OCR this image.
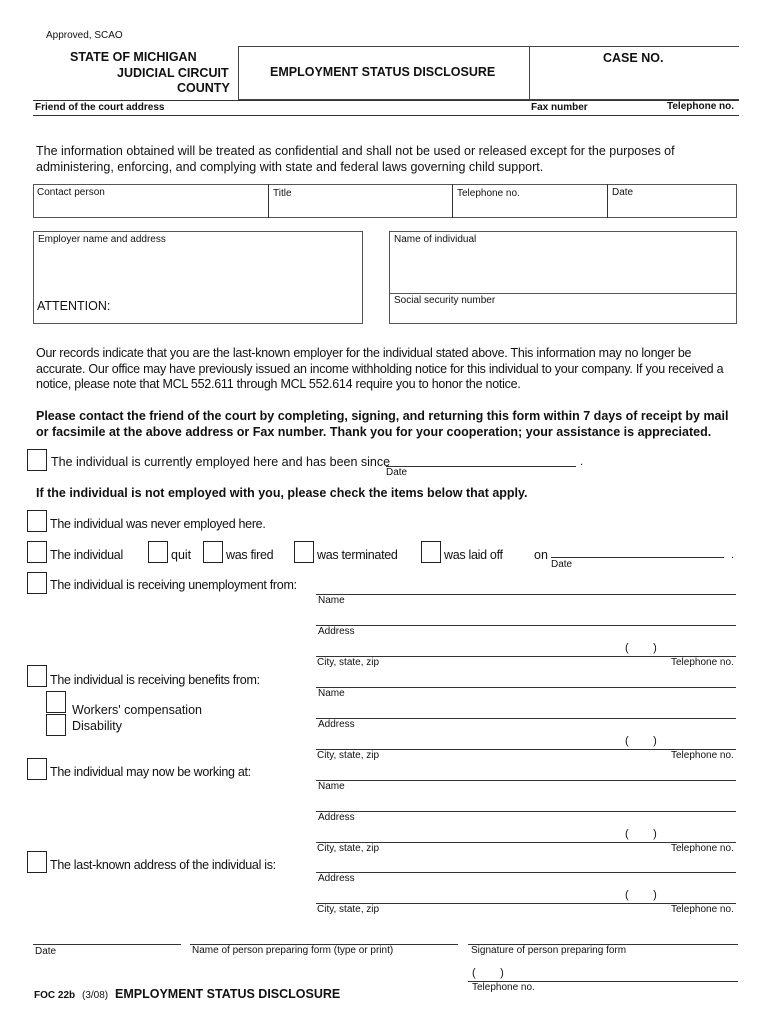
Approved, SCAO
STATE OF MICHIGAN
JUDICIAL CIRCUIT
COUNTY
EMPLOYMENT STATUS DISCLOSURE
CASE NO.
Friend of the court address	Fax number	Telephone no.
The information obtained will be treated as confidential and shall not be used or released except for the purposes of administering, enforcing, and complying with state and federal laws governing child support.
Contact person	Title	Telephone no.	Date
Employer name and address
ATTENTION:
Name of individual
Social security number
Our records indicate that you are the last-known employer for the individual stated above. This information may no longer be accurate. Our office may have previously issued an income withholding notice for this individual to your company. If you received a notice, please note that MCL 552.611 through MCL 552.614 require you to honor the notice.
Please contact the friend of the court by completing, signing, and returning this form within 7 days of receipt by mail or facsimile at the above address or Fax number. Thank you for your cooperation; your assistance is appreciated.
The individual is currently employed here and has been since	.
Date
If the individual is not employed with you, please check the items below that apply.
The individual was never employed here.
The individual	quit	was fired	was terminated	was laid off	on	.
Date
The individual is receiving unemployment from:
Name
Address
(        )
City, state, zip	Telephone no.
The individual is receiving benefits from:
Workers' compensation
Disability
Name
Address
(        )
City, state, zip	Telephone no.
The individual may now be working at:
Name
Address
(        )
City, state, zip	Telephone no.
The last-known address of the individual is:
Address
(        )
City, state, zip	Telephone no.
Date	Name of person preparing form (type or print)	Signature of person preparing form
(        )
Telephone no.
FOC 22b (3/08) EMPLOYMENT STATUS DISCLOSURE
